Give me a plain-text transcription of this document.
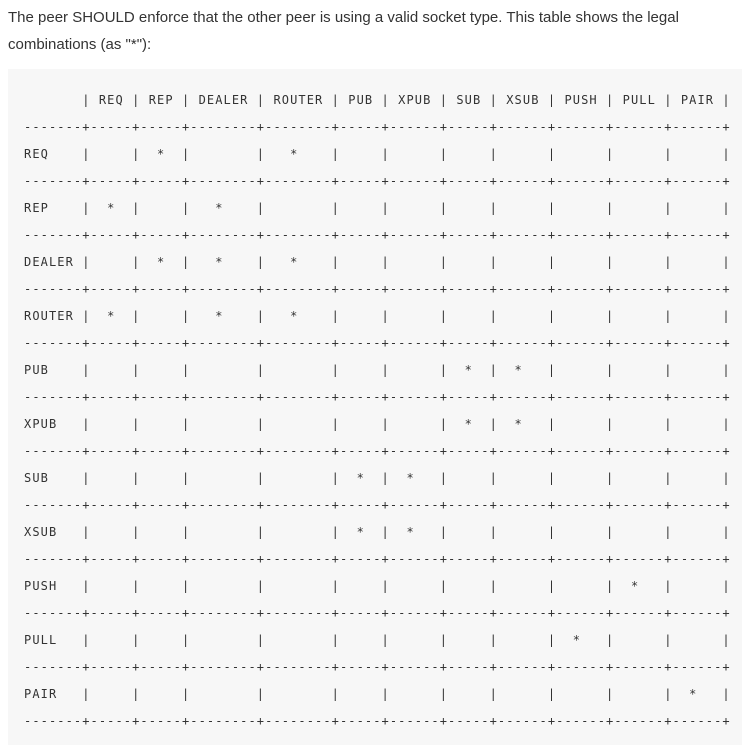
The peer SHOULD enforce that the other peer is using a valid socket type. This table shows the legal combinations (as "*"):

| REQ | REP | DEALER | ROUTER | PUB | XPUB | SUB | XSUB | PUSH | PULL | PAIR |
-------+-----+-----+--------+--------+-----+------+-----+------+------+------+------+
REQ    |     |  *  |        |   *    |     |      |     |      |      |      |      |
-------+-----+-----+--------+--------+-----+------+-----+------+------+------+------+
REP    |  *  |     |   *    |        |     |      |     |      |      |      |      |
-------+-----+-----+--------+--------+-----+------+-----+------+------+------+------+
DEALER |     |  *  |   *    |   *    |     |      |     |      |      |      |      |
-------+-----+-----+--------+--------+-----+------+-----+------+------+------+------+
ROUTER |  *  |     |   *    |   *    |     |      |     |      |      |      |      |
-------+-----+-----+--------+--------+-----+------+-----+------+------+------+------+
PUB    |     |     |        |        |     |      |  *  |  *   |      |      |      |
-------+-----+-----+--------+--------+-----+------+-----+------+------+------+------+
XPUB   |     |     |        |        |     |      |  *  |  *   |      |      |      |
-------+-----+-----+--------+--------+-----+------+-----+------+------+------+------+
SUB    |     |     |        |        |  *  |  *   |     |      |      |      |      |
-------+-----+-----+--------+--------+-----+------+-----+------+------+------+------+
XSUB   |     |     |        |        |  *  |  *   |     |      |      |      |      |
-------+-----+-----+--------+--------+-----+------+-----+------+------+------+------+
PUSH   |     |     |        |        |     |      |     |      |      |  *   |      |
-------+-----+-----+--------+--------+-----+------+-----+------+------+------+------+
PULL   |     |     |        |        |     |      |     |      |  *   |      |      |
-------+-----+-----+--------+--------+-----+------+-----+------+------+------+------+
PAIR   |     |     |        |        |     |      |     |      |      |      |  *   |
-------+-----+-----+--------+--------+-----+------+-----+------+------+------+------+
